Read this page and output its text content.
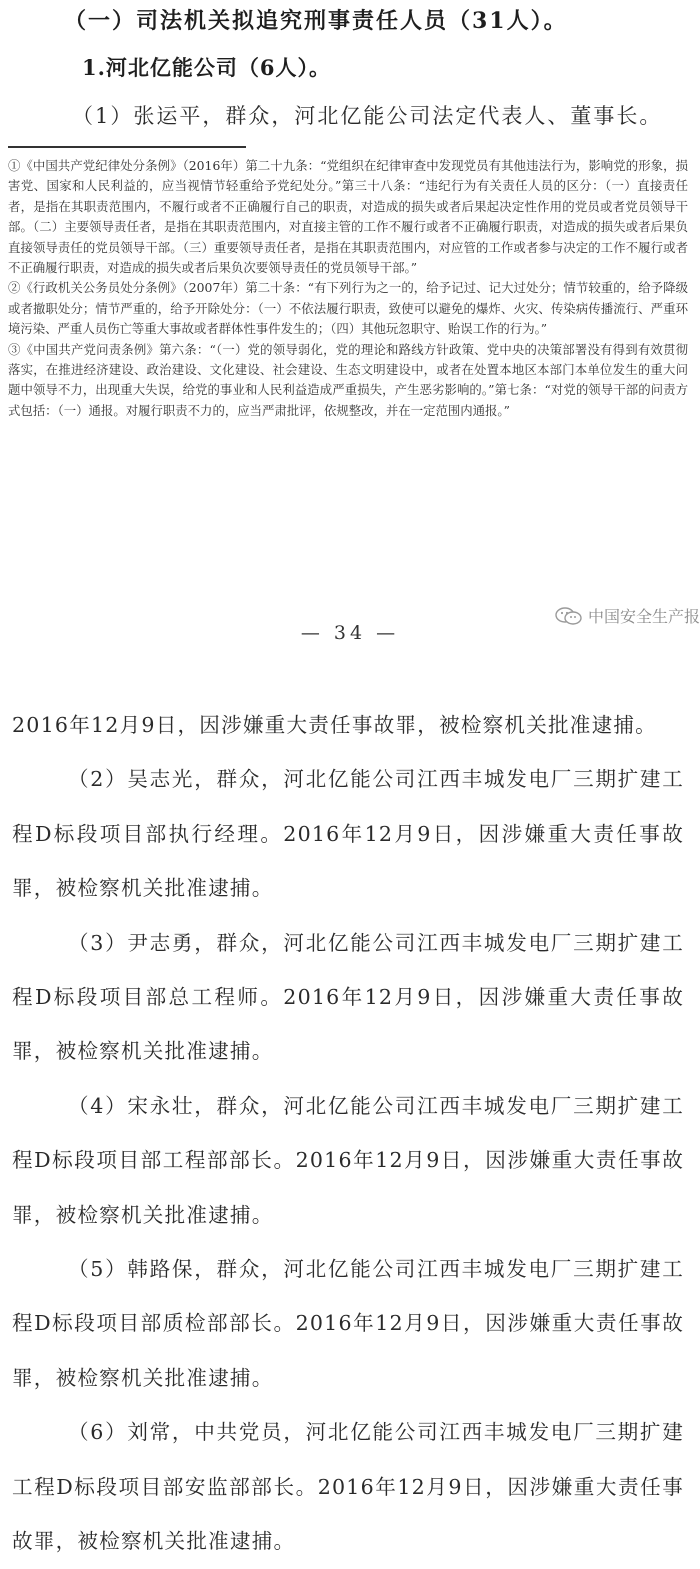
（一）司法机关拟追究刑事责任人员（31人）。
1.河北亿能公司（6人）。
（1）张运平，群众，河北亿能公司法定代表人、董事长。

①《中国共产党纪律处分条例》（2016年）第二十九条：“党组织在纪律审查中发现党员有其他违法行为，影响党的形象，损害党、国家和人民利益的，应当视情节轻重给予党纪处分。”第三十八条：“违纪行为有关责任人员的区分：（一）直接责任者，是指在其职责范围内，不履行或者不正确履行自己的职责，对造成的损失或者后果起决定性作用的党员或者党员领导干部。（二）主要领导责任者，是指在其职责范围内，对直接主管的工作不履行或者不正确履行职责，对造成的损失或者后果负直接领导责任的党员领导干部。（三）重要领导责任者，是指在其职责范围内，对应管的工作或者参与决定的工作不履行或者不正确履行职责，对造成的损失或者后果负次要领导责任的党员领导干部。”

②《行政机关公务员处分条例》（2007年）第二十条：“有下列行为之一的，给予记过、记大过处分；情节较重的，给予降级或者撤职处分；情节严重的，给予开除处分：（一）不依法履行职责，致使可以避免的爆炸、火灾、传染病传播流行、严重环境污染、严重人员伤亡等重大事故或者群体性事件发生的；（四）其他玩忽职守、贻误工作的行为。”

③《中国共产党问责条例》第六条：“（一）党的领导弱化，党的理论和路线方针政策、党中央的决策部署没有得到有效贯彻落实，在推进经济建设、政治建设、文化建设、社会建设、生态文明建设中，或者在处置本地区本部门本单位发生的重大问题中领导不力，出现重大失误，给党的事业和人民利益造成严重损失，产生恶劣影响的。”第七条：“对党的领导干部的问责方式包括：（一）通报。对履行职责不力的，应当严肃批评，依规整改，并在一定范围内通报。”

中国安全生产报
— 34 —

2016年12月9日，因涉嫌重大责任事故罪，被检察机关批准逮捕。

（2）吴志光，群众，河北亿能公司江西丰城发电厂三期扩建工程D标段项目部执行经理。2016年12月9日，因涉嫌重大责任事故罪，被检察机关批准逮捕。

（3）尹志勇，群众，河北亿能公司江西丰城发电厂三期扩建工程D标段项目部总工程师。2016年12月9日，因涉嫌重大责任事故罪，被检察机关批准逮捕。

（4）宋永壮，群众，河北亿能公司江西丰城发电厂三期扩建工程D标段项目部工程部部长。2016年12月9日，因涉嫌重大责任事故罪，被检察机关批准逮捕。

（5）韩路保，群众，河北亿能公司江西丰城发电厂三期扩建工程D标段项目部质检部部长。2016年12月9日，因涉嫌重大责任事故罪，被检察机关批准逮捕。

（6）刘常，中共党员，河北亿能公司江西丰城发电厂三期扩建工程D标段项目部安监部部长。2016年12月9日，因涉嫌重大责任事故罪，被检察机关批准逮捕。
